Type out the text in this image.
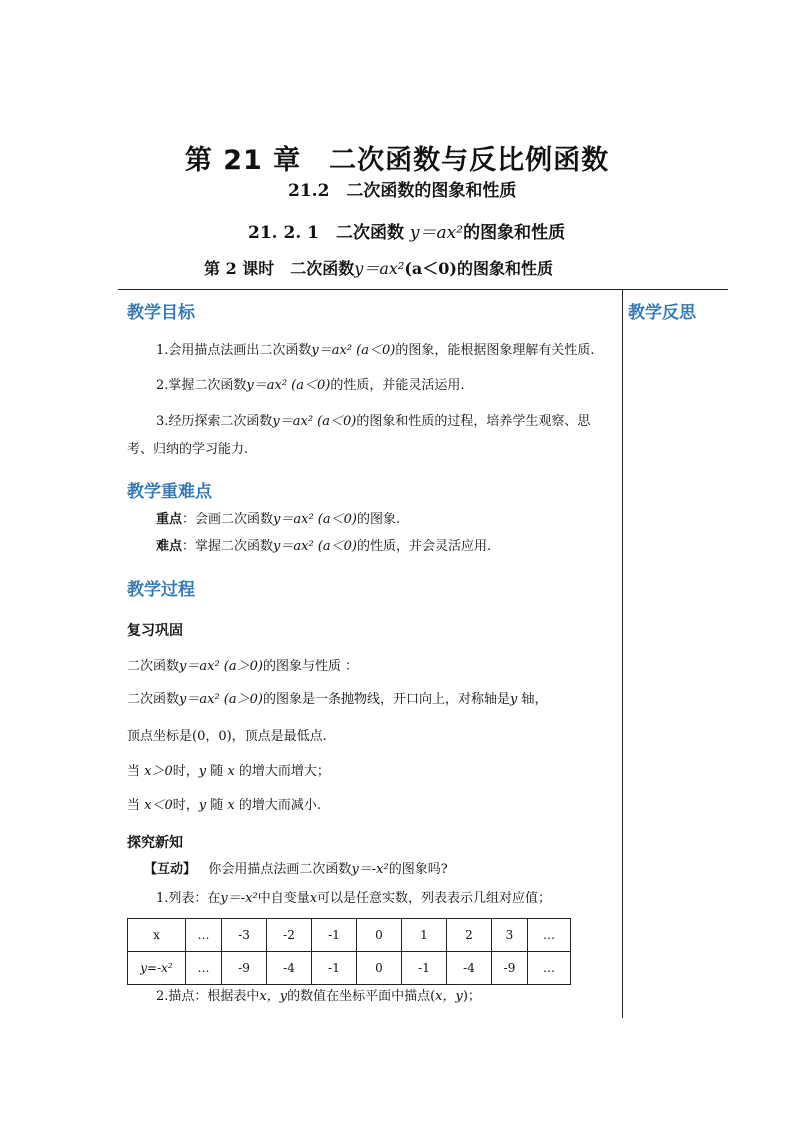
第 21 章　二次函数与反比例函数
21.2　二次函数的图象和性质
21. 2. 1　二次函数 y＝ax²的图象和性质
第 2 课时　二次函数y＝ax²(a＜0)的图象和性质
教学反思
教学目标
1.会用描点法画出二次函数y＝ax² (a＜0)的图象，能根据图象理解有关性质.
2.掌握二次函数y＝ax² (a＜0)的性质，并能灵活运用.
3.经历探索二次函数y＝ax² (a＜0)的图象和性质的过程，培养学生观察、思
考、归纳的学习能力.
教学重难点
重点：会画二次函数y＝ax² (a＜0)的图象.
难点：掌握二次函数y＝ax² (a＜0)的性质，并会灵活应用.
教学过程
复习巩固
二次函数y＝ax² (a＞0)的图象与性质 ：
二次函数y＝ax² (a＞0)的图象是一条抛物线，开口向上，对称轴是y 轴，
顶点坐标是(0，0)，顶点是最低点.
当 x＞0时，y 随 x 的增大而增大；
当 x＜0时，y 随 x 的增大而减小.
探究新知
【互动】 你会用描点法画二次函数y＝-x²的图象吗?
1.列表：在y＝-x²中自变量x可以是任意实数，列表表示几组对应值；
x	…	-3	-2	-1	0	1	2	3	…
y=-x²	…	-9	-4	-1	0	-1	-4	-9	…
2.描点：根据表中x，y的数值在坐标平面中描点(x，y)；
